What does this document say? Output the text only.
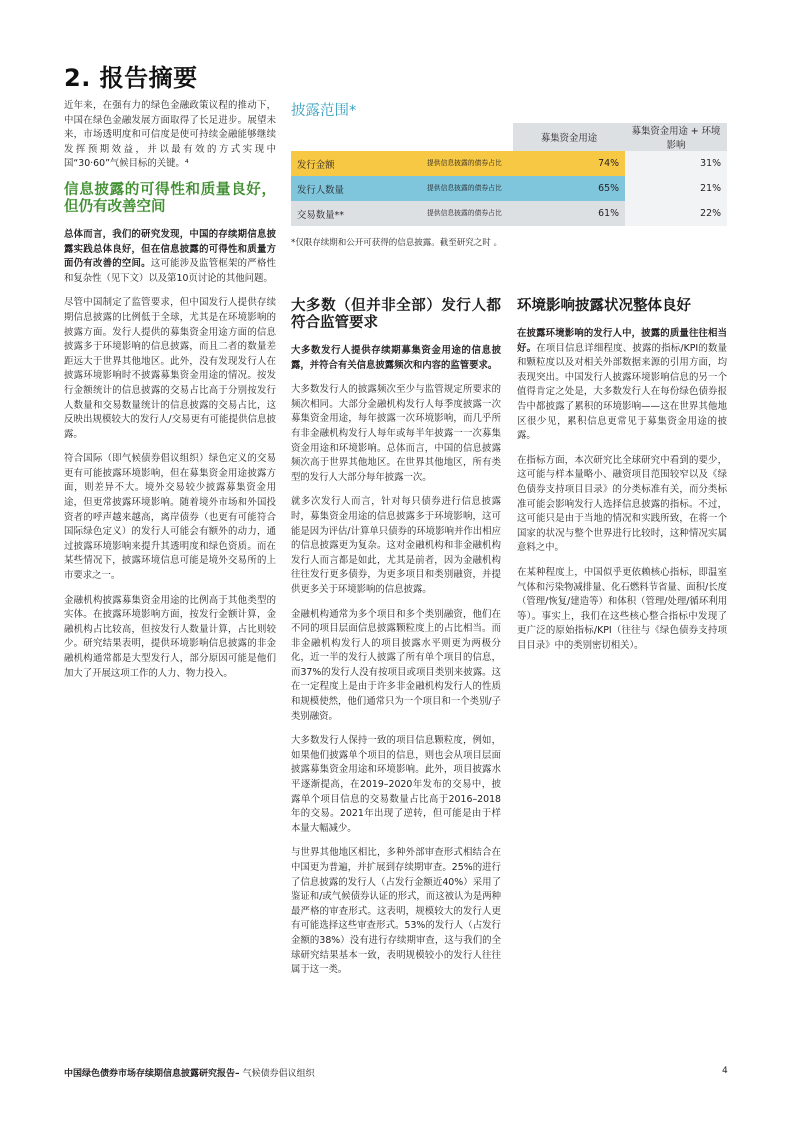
2. 报告摘要

近年来，在强有力的绿色金融政策议程的推动下，中国在绿色金融发展方面取得了长足进步。展望未来，市场透明度和可信度是使可持续金融能够继续发挥预期效益，并以最有效的方式实现中国“30·60”气候目标的关键。⁴

信息披露的可得性和质量良好，但仍有改善空间

总体而言，我们的研究发现，中国的存续期信息披露实践总体良好，但在信息披露的可得性和质量方面仍有改善的空间。这可能涉及监管框架的严格性和复杂性（见下文）以及第10页讨论的其他问题。

尽管中国制定了监管要求，但中国发行人提供存续期信息披露的比例低于全球，尤其是在环境影响的披露方面。发行人提供的募集资金用途方面的信息披露多于环境影响的信息披露，而且二者的数量差距远大于世界其他地区。此外，没有发现发行人在披露环境影响时不披露募集资金用途的情况。按发行金额统计的信息披露的交易占比高于分别按发行人数量和交易数量统计的信息披露的交易占比，这反映出规模较大的发行人/交易更有可能提供信息披露。

符合国际（即气候债券倡议组织）绿色定义的交易更有可能披露环境影响，但在募集资金用途披露方面，则差异不大。境外交易较少披露募集资金用途，但更常披露环境影响。随着境外市场和外国投资者的呼声越来越高，离岸债券（也更有可能符合国际绿色定义）的发行人可能会有额外的动力，通过披露环境影响来提升其透明度和绿色资质。而在某些情况下，披露环境信息可能是境外交易所的上市要求之一。

金融机构披露募集资金用途的比例高于其他类型的实体。在披露环境影响方面，按发行金额计算，金融机构占比较高，但按发行人数量计算，占比则较少。研究结果表明，提供环境影响信息披露的非金融机构通常都是大型发行人，部分原因可能是他们加大了开展这项工作的人力、物力投入。

披露范围*
		募集资金用途	募集资金用途 + 环境影响
发行金额	提供信息披露的债券占比	74%	31%
发行人数量	提供信息披露的债券占比	65%	21%
交易数量**	提供信息披露的债券占比	61%	22%
*仅限存续期和公开可获得的信息披露。截至研究之时 。
大多数（但并非全部）发行人都符合监管要求

大多数发行人提供存续期募集资金用途的信息披露，并符合有关信息披露频次和内容的监管要求。

大多数发行人的披露频次至少与监管规定所要求的频次相同。大部分金融机构发行人每季度披露一次募集资金用途，每年披露一次环境影响，而几乎所有非金融机构发行人每年或每半年披露一一次募集资金用途和环境影响。总体而言，中国的信息披露频次高于世界其他地区。在世界其他地区，所有类型的发行人大部分每年披露一次。

就多次发行人而言，针对每只债券进行信息披露时，募集资金用途的信息披露多于环境影响，这可能是因为评估/计算单只债券的环境影响并作出相应的信息披露更为复杂。这对金融机构和非金融机构发行人而言都是如此，尤其是前者，因为金融机构往往发行更多债券，为更多项目和类别融资，并提供更多关于环境影响的信息披露。

金融机构通常为多个项目和多个类别融资，他们在不同的项目层面信息披露颗粒度上的占比相当。而非金融机构发行人的项目披露水平则更为两极分化，近一半的发行人披露了所有单个项目的信息，而37%的发行人没有按项目或项目类别来披露。这在一定程度上是由于许多非金融机构发行人的性质和规模使然，他们通常只为一个项目和一个类别/子类别融资。

大多数发行人保持一致的项目信息颗粒度，例如，如果他们披露单个项目的信息，则也会从项目层面披露募集资金用途和环境影响。此外，项目披露水平逐渐提高，在2019–2020年发布的交易中，披露单个项目信息的交易数量占比高于2016–2018年的交易。2021年出现了逆转，但可能是由于样本量大幅减少。

与世界其他地区相比，多种外部审查形式相结合在中国更为普遍，并扩展到存续期审查。25%的进行了信息披露的发行人（占发行金额近40%）采用了鉴证和/或气候债券认证的形式，而这被认为是两种最严格的审查形式。这表明，规模较大的发行人更有可能选择这些审查形式。53%的发行人（占发行金额的38%）没有进行存续期审查，这与我们的全球研究结果基本一致，表明规模较小的发行人往往属于这一类。

环境影响披露状况整体良好

在披露环境影响的发行人中，披露的质量往往相当好。在项目信息详细程度、披露的指标/KPI的数量和颗粒度以及对相关外部数据来源的引用方面，均表现突出。中国发行人披露环境影响信息的另一个值得肯定之处是，大多数发行人在每份绿色债券报告中都披露了累积的环境影响——这在世界其他地区很少见，累积信息更常见于募集资金用途的披露。

在指标方面，本次研究比全球研究中看到的要少，这可能与样本量略小、融资项目范围较窄以及《绿色债券支持项目目录》的分类标准有关，而分类标准可能会影响发行人选择信息披露的指标。不过，这可能只是由于当地的情况和实践所致，在将一个国家的状况与整个世界进行比较时，这种情况实属意料之中。

在某种程度上，中国似乎更依赖核心指标，即温室气体和污染物减排量、化石燃料节省量、面积/长度（管理/恢复/建造等）和体积（管理/处理/循环利用等）。事实上，我们在这些核心整合指标中发现了更广泛的原始指标/KPI（往往与《绿色债券支持项目目录》中的类别密切相关）。

中国绿色债券市场存续期信息披露研究报告– 气候债券倡议组织	4
